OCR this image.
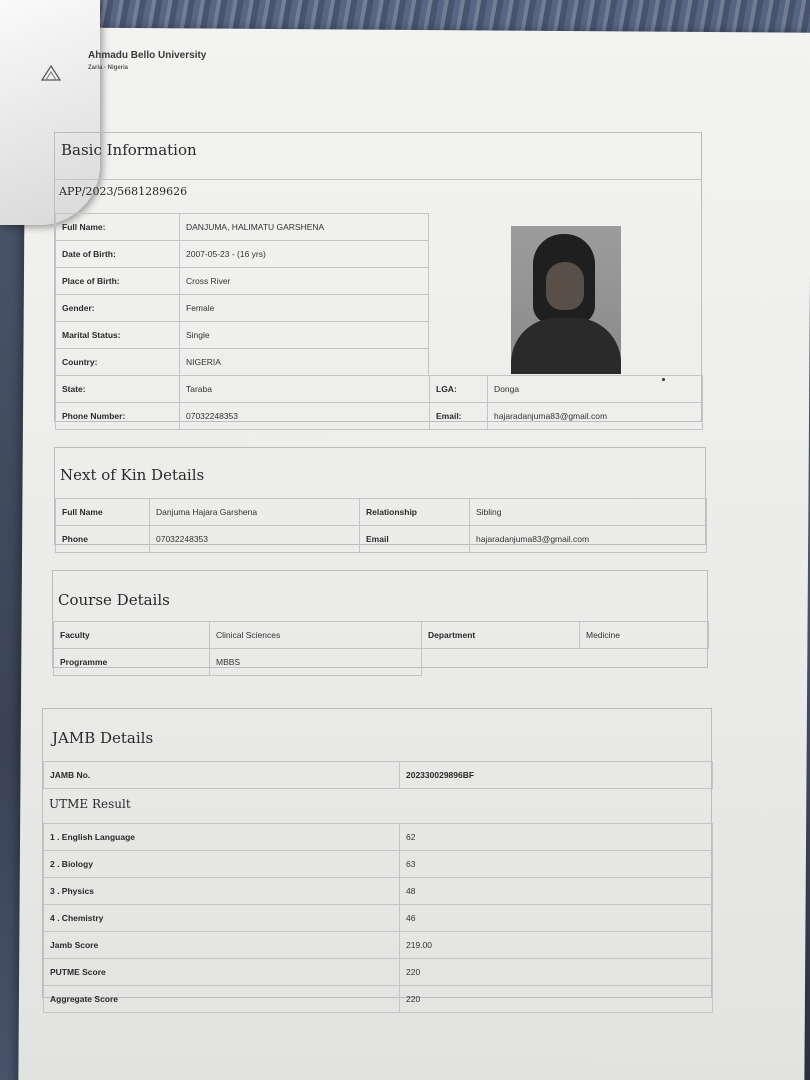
Ahmadu Bello University
Zaria - Nigeria
Basic Information
APP/2023/5681289626
Full Name:	DANJUMA, HALIMATU GARSHENA
Date of Birth:	2007-05-23 - (16 yrs)
Place of Birth:	Cross River
Gender:	Female
Marital Status:	Single
Country:	NIGERIA
State:	Taraba	LGA:	Donga
Phone Number:	07032248353	Email:	hajaradanjuma83@gmail.com
Next of Kin Details
Full Name	Danjuma Hajara Garshena	Relationship	Sibling
Phone	07032248353	Email	hajaradanjuma83@gmail.com
Course Details
Faculty	Clinical Sciences	Department	Medicine
Programme	MBBS		
JAMB Details
JAMB No.	202330029896BF
UTME Result
1 . English Language	62
2 . Biology	63
3 . Physics	48
4 . Chemistry	46
Jamb Score	219.00
PUTME Score	220
Aggregate Score	220
